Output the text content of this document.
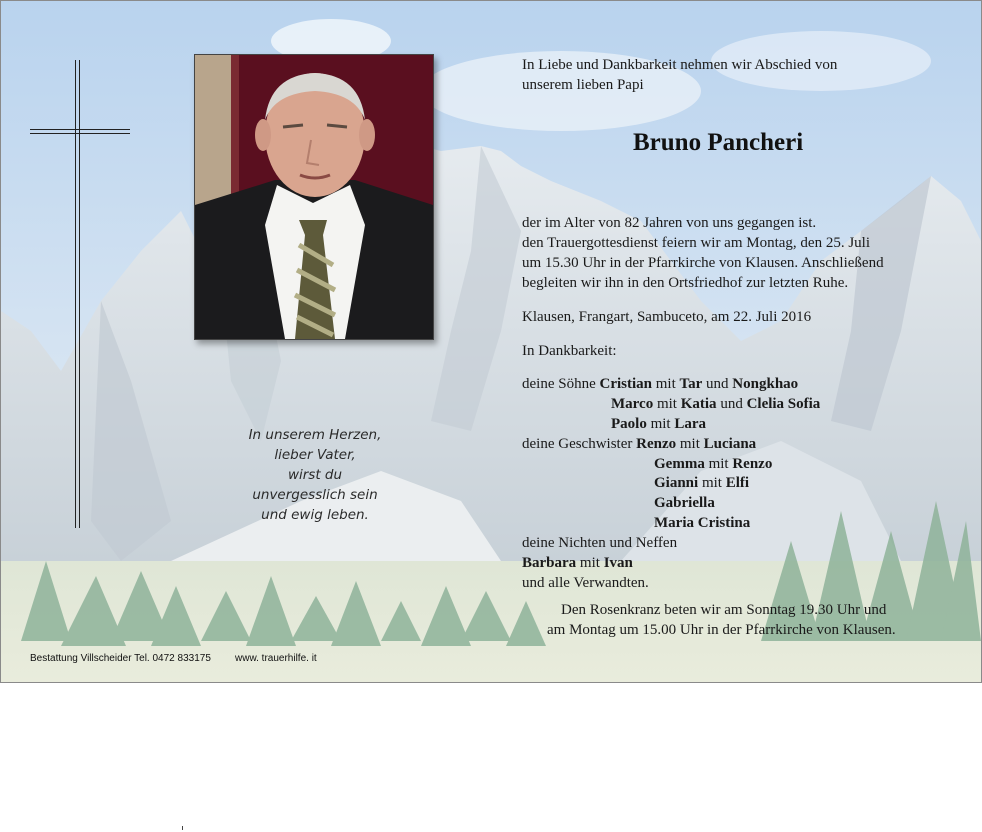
In Liebe und Dankbarkeit nehmen wir Abschied von
unserem lieben Papi
Bruno Pancheri
der im Alter von 82 Jahren von uns gegangen ist.
den Trauergottesdienst feiern wir am Montag, den 25. Juli
um 15.30 Uhr in der Pfarrkirche von Klausen. Anschließend
begleiten wir ihn in den Ortsfriedhof zur letzten Ruhe.
Klausen, Frangart, Sambuceto, am 22. Juli 2016
In Dankbarkeit:
deine Söhne Cristian mit Tar und Nongkhao
Marco mit Katia und Clelia Sofia
Paolo mit Lara
deine Geschwister Renzo mit Luciana
Gemma mit Renzo
Gianni mit Elfi
Gabriella
Maria Cristina
deine Nichten und Neffen
Barbara mit Ivan
und alle Verwandten.
Den Rosenkranz beten wir am Sonntag 19.30 Uhr und
am Montag um 15.00 Uhr in der Pfarrkirche von Klausen.
In unserem Herzen,
lieber Vater,
wirst du
unvergesslich sein
und ewig leben.
Bestattung Villscheider Tel. 0472 833175 www. trauerhilfe. it
